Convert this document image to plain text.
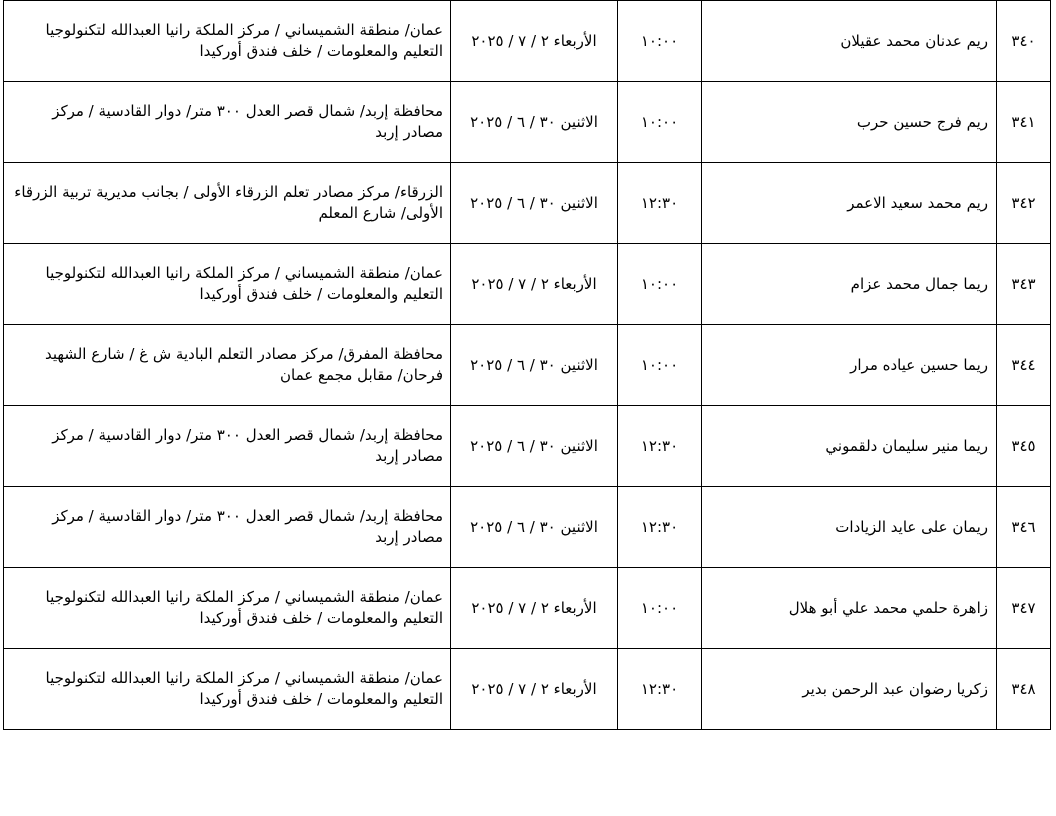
٣٤٠	ريم عدنان محمد عقيلان	١٠:٠٠	الأربعاء ٢ / ٧ / ٢٠٢٥	عمان/ منطقة الشميساني / مركز الملكة رانيا العبدالله لتكنولوجيا التعليم والمعلومات / خلف فندق أوركيدا

٣٤١	ريم فرج حسين حرب	١٠:٠٠	الاثنين ٣٠ / ٦ / ٢٠٢٥	محافظة إربد/ شمال قصر العدل ٣٠٠ متر/ دوار القادسية / مركز مصادر إربد

٣٤٢	ريم محمد سعيد الاعمر	١٢:٣٠	الاثنين ٣٠ / ٦ / ٢٠٢٥	الزرقاء/ مركز مصادر تعلم الزرقاء الأولى / بجانب مديرية تربية الزرقاء الأولى/ شارع المعلم

٣٤٣	ريما جمال محمد عزام	١٠:٠٠	الأربعاء ٢ / ٧ / ٢٠٢٥	عمان/ منطقة الشميساني / مركز الملكة رانيا العبدالله لتكنولوجيا التعليم والمعلومات / خلف فندق أوركيدا

٣٤٤	ريما حسين عياده مرار	١٠:٠٠	الاثنين ٣٠ / ٦ / ٢٠٢٥	محافظة المفرق/ مركز مصادر التعلم البادية ش غ / شارع الشهيد فرحان/ مقابل مجمع عمان

٣٤٥	ريما منير سليمان دلقموني	١٢:٣٠	الاثنين ٣٠ / ٦ / ٢٠٢٥	محافظة إربد/ شمال قصر العدل ٣٠٠ متر/ دوار القادسية / مركز مصادر إربد

٣٤٦	ريمان على عايد الزيادات	١٢:٣٠	الاثنين ٣٠ / ٦ / ٢٠٢٥	محافظة إربد/ شمال قصر العدل ٣٠٠ متر/ دوار القادسية / مركز مصادر إربد

٣٤٧	زاهرة حلمي محمد علي أبو هلال	١٠:٠٠	الأربعاء ٢ / ٧ / ٢٠٢٥	عمان/ منطقة الشميساني / مركز الملكة رانيا العبدالله لتكنولوجيا التعليم والمعلومات / خلف فندق أوركيدا

٣٤٨	زكريا رضوان عبد الرحمن بدير	١٢:٣٠	الأربعاء ٢ / ٧ / ٢٠٢٥	عمان/ منطقة الشميساني / مركز الملكة رانيا العبدالله لتكنولوجيا التعليم والمعلومات / خلف فندق أوركيدا
